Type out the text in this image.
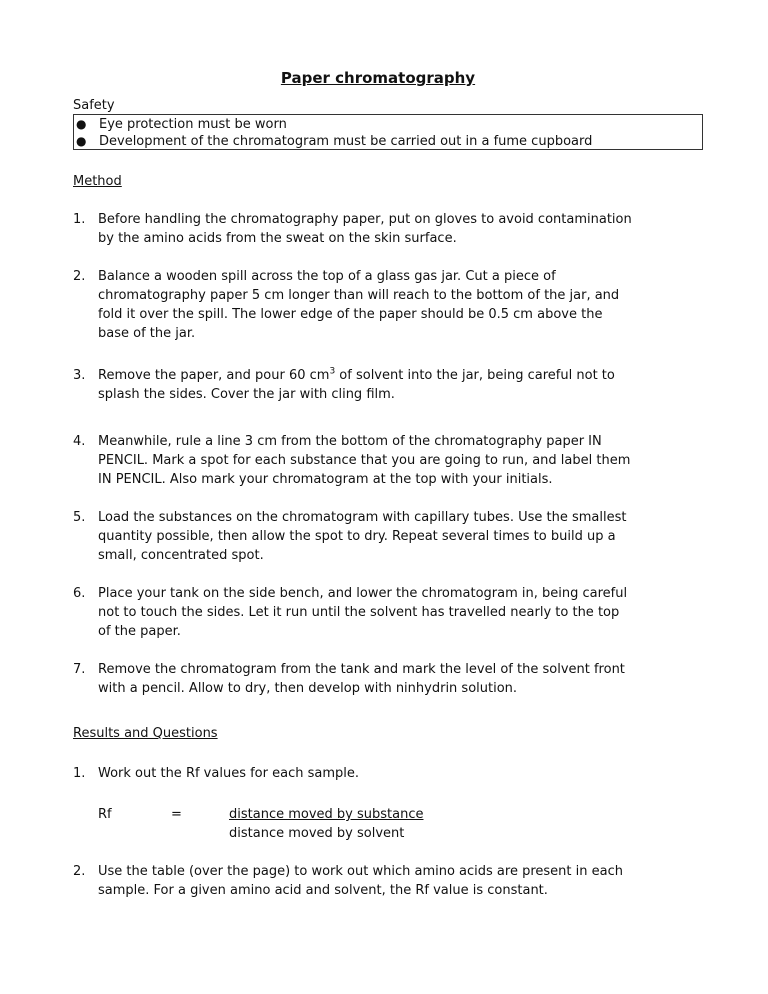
Paper chromatography
Safety
● Eye protection must be worn
● Development of the chromatogram must be carried out in a fume cupboard
Method
1. Before handling the chromatography paper, put on gloves to avoid contamination
by the amino acids from the sweat on the skin surface.
2. Balance a wooden spill across the top of a glass gas jar. Cut a piece of
chromatography paper 5 cm longer than will reach to the bottom of the jar, and
fold it over the spill. The lower edge of the paper should be 0.5 cm above the
base of the jar.
3. Remove the paper, and pour 60 $cm^3$ of solvent into the jar, being careful not to
splash the sides. Cover the jar with cling film.
4. Meanwhile, rule a line 3 cm from the bottom of the chromatography paper IN
PENCIL. Mark a spot for each substance that you are going to run, and label them
IN PENCIL. Also mark your chromatogram at the top with your initials.
5. Load the substances on the chromatogram with capillary tubes. Use the smallest
quantity possible, then allow the spot to dry. Repeat several times to build up a
small, concentrated spot.
6. Place your tank on the side bench, and lower the chromatogram in, being careful
not to touch the sides. Let it run until the solvent has travelled nearly to the top
of the paper.
7. Remove the chromatogram from the tank and mark the level of the solvent front
with a pencil. Allow to dry, then develop with ninhydrin solution.
Results and Questions
1. Work out the Rf values for each sample.
Rf	=	distance moved by substance
distance moved by solvent
2. Use the table (over the page) to work out which amino acids are present in each
sample. For a given amino acid and solvent, the Rf value is constant.
